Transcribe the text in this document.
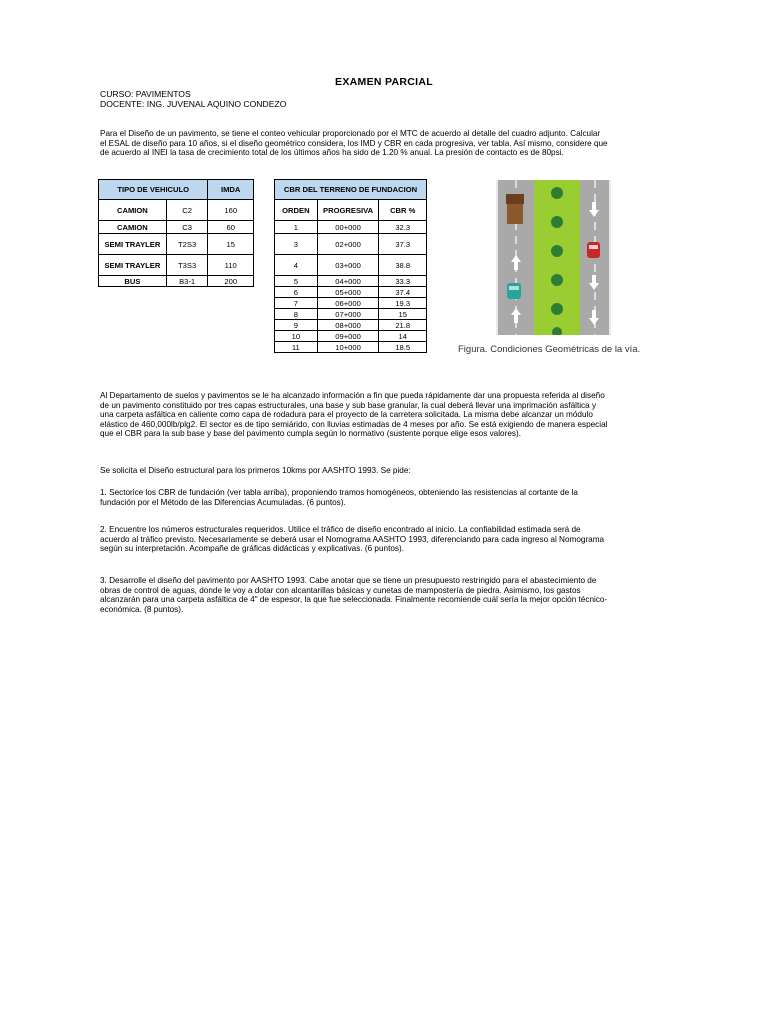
EXAMEN PARCIAL
CURSO: PAVIMENTOS
DOCENTE: ING. JUVENAL AQUINO CONDEZO
Para el Diseño de un pavimento, se tiene el conteo vehicular proporcionado por el MTC de acuerdo al detalle del cuadro adjunto. Calcular
el ESAL de diseño para 10 años, si el diseño geométrico considera, los IMD y CBR en cada progresiva, ver tabla. Así mismo, considere que
de acuerdo al INEI la tasa de crecimiento total de los últimos años ha sido de 1.20 % anual. La presión de contacto es de 80psi.
TIPO DE VEHICULO		IMDA
CAMION	C2	160
CAMION	C3	60
SEMI TRAYLER	T2S3	15
SEMI TRAYLER	T3S3	110
BUS	B3-1	200
CBR DEL TERRENO DE FUNDACION		
ORDEN	PROGRESIVA	CBR %
1	00+000	32.3
3	02+000	37.3
4	03+000	38.8
5	04+000	33.3
6	05+000	37.4
7	06+000	19.3
8	07+000	15
9	08+000	21.8
10	09+000	14
11	10+000	18.5	Figura. Condiciones Geométricas de la vía.
Al Departamento de suelos y pavimentos se le ha alcanzado información a fin que pueda rápidamente dar una propuesta referida al diseño
de un pavimento constituido por tres capas estructurales, una base y sub base granular, la cual deberá llevar una imprimación asfáltica y
una carpeta asfáltica en caliente como capa de rodadura para el proyecto de la carretera solicitada. La misma debe alcanzar un módulo
elástico de 460,000lb/plg2. El sector es de tipo semiárido, con lluvias estimadas de 4 meses por año. Se está exigiendo de manera especial
que el CBR para la sub base y base del pavimento cumpla según lo normativo (sustente porque elige esos valores).
Se solicita el Diseño estructural para los primeros 10kms por AASHTO 1993. Se pide:
1. Sectorice los CBR de fundación (ver tabla arriba), proponiendo tramos homogéneos, obteniendo las resistencias al cortante de la
fundación por el Método de las Diferencias Acumuladas. (6 puntos).
2. Encuentre los números estructurales requeridos. Utilice el tráfico de diseño encontrado al inicio. La confiabilidad estimada será de
acuerdo al tráfico previsto. Necesariamente se deberá usar el Nomograma AASHTO 1993, diferenciando para cada ingreso al Nomograma
según su interpretación. Acompañe de gráficas didácticas y explicativas. (6 puntos).
3. Desarrolle el diseño del pavimento por AASHTO 1993. Cabe anotar que se tiene un presupuesto restringido para el abastecimiento de
obras de control de aguas, donde le voy a dotar con alcantarillas básicas y cunetas de mampostería de piedra. Asimismo, los gastos
alcanzarán para una carpeta asfáltica de 4" de espesor, la que fue seleccionada. Finalmente recomiende cuál sería la mejor opción técnico-
económica. (8 puntos).
